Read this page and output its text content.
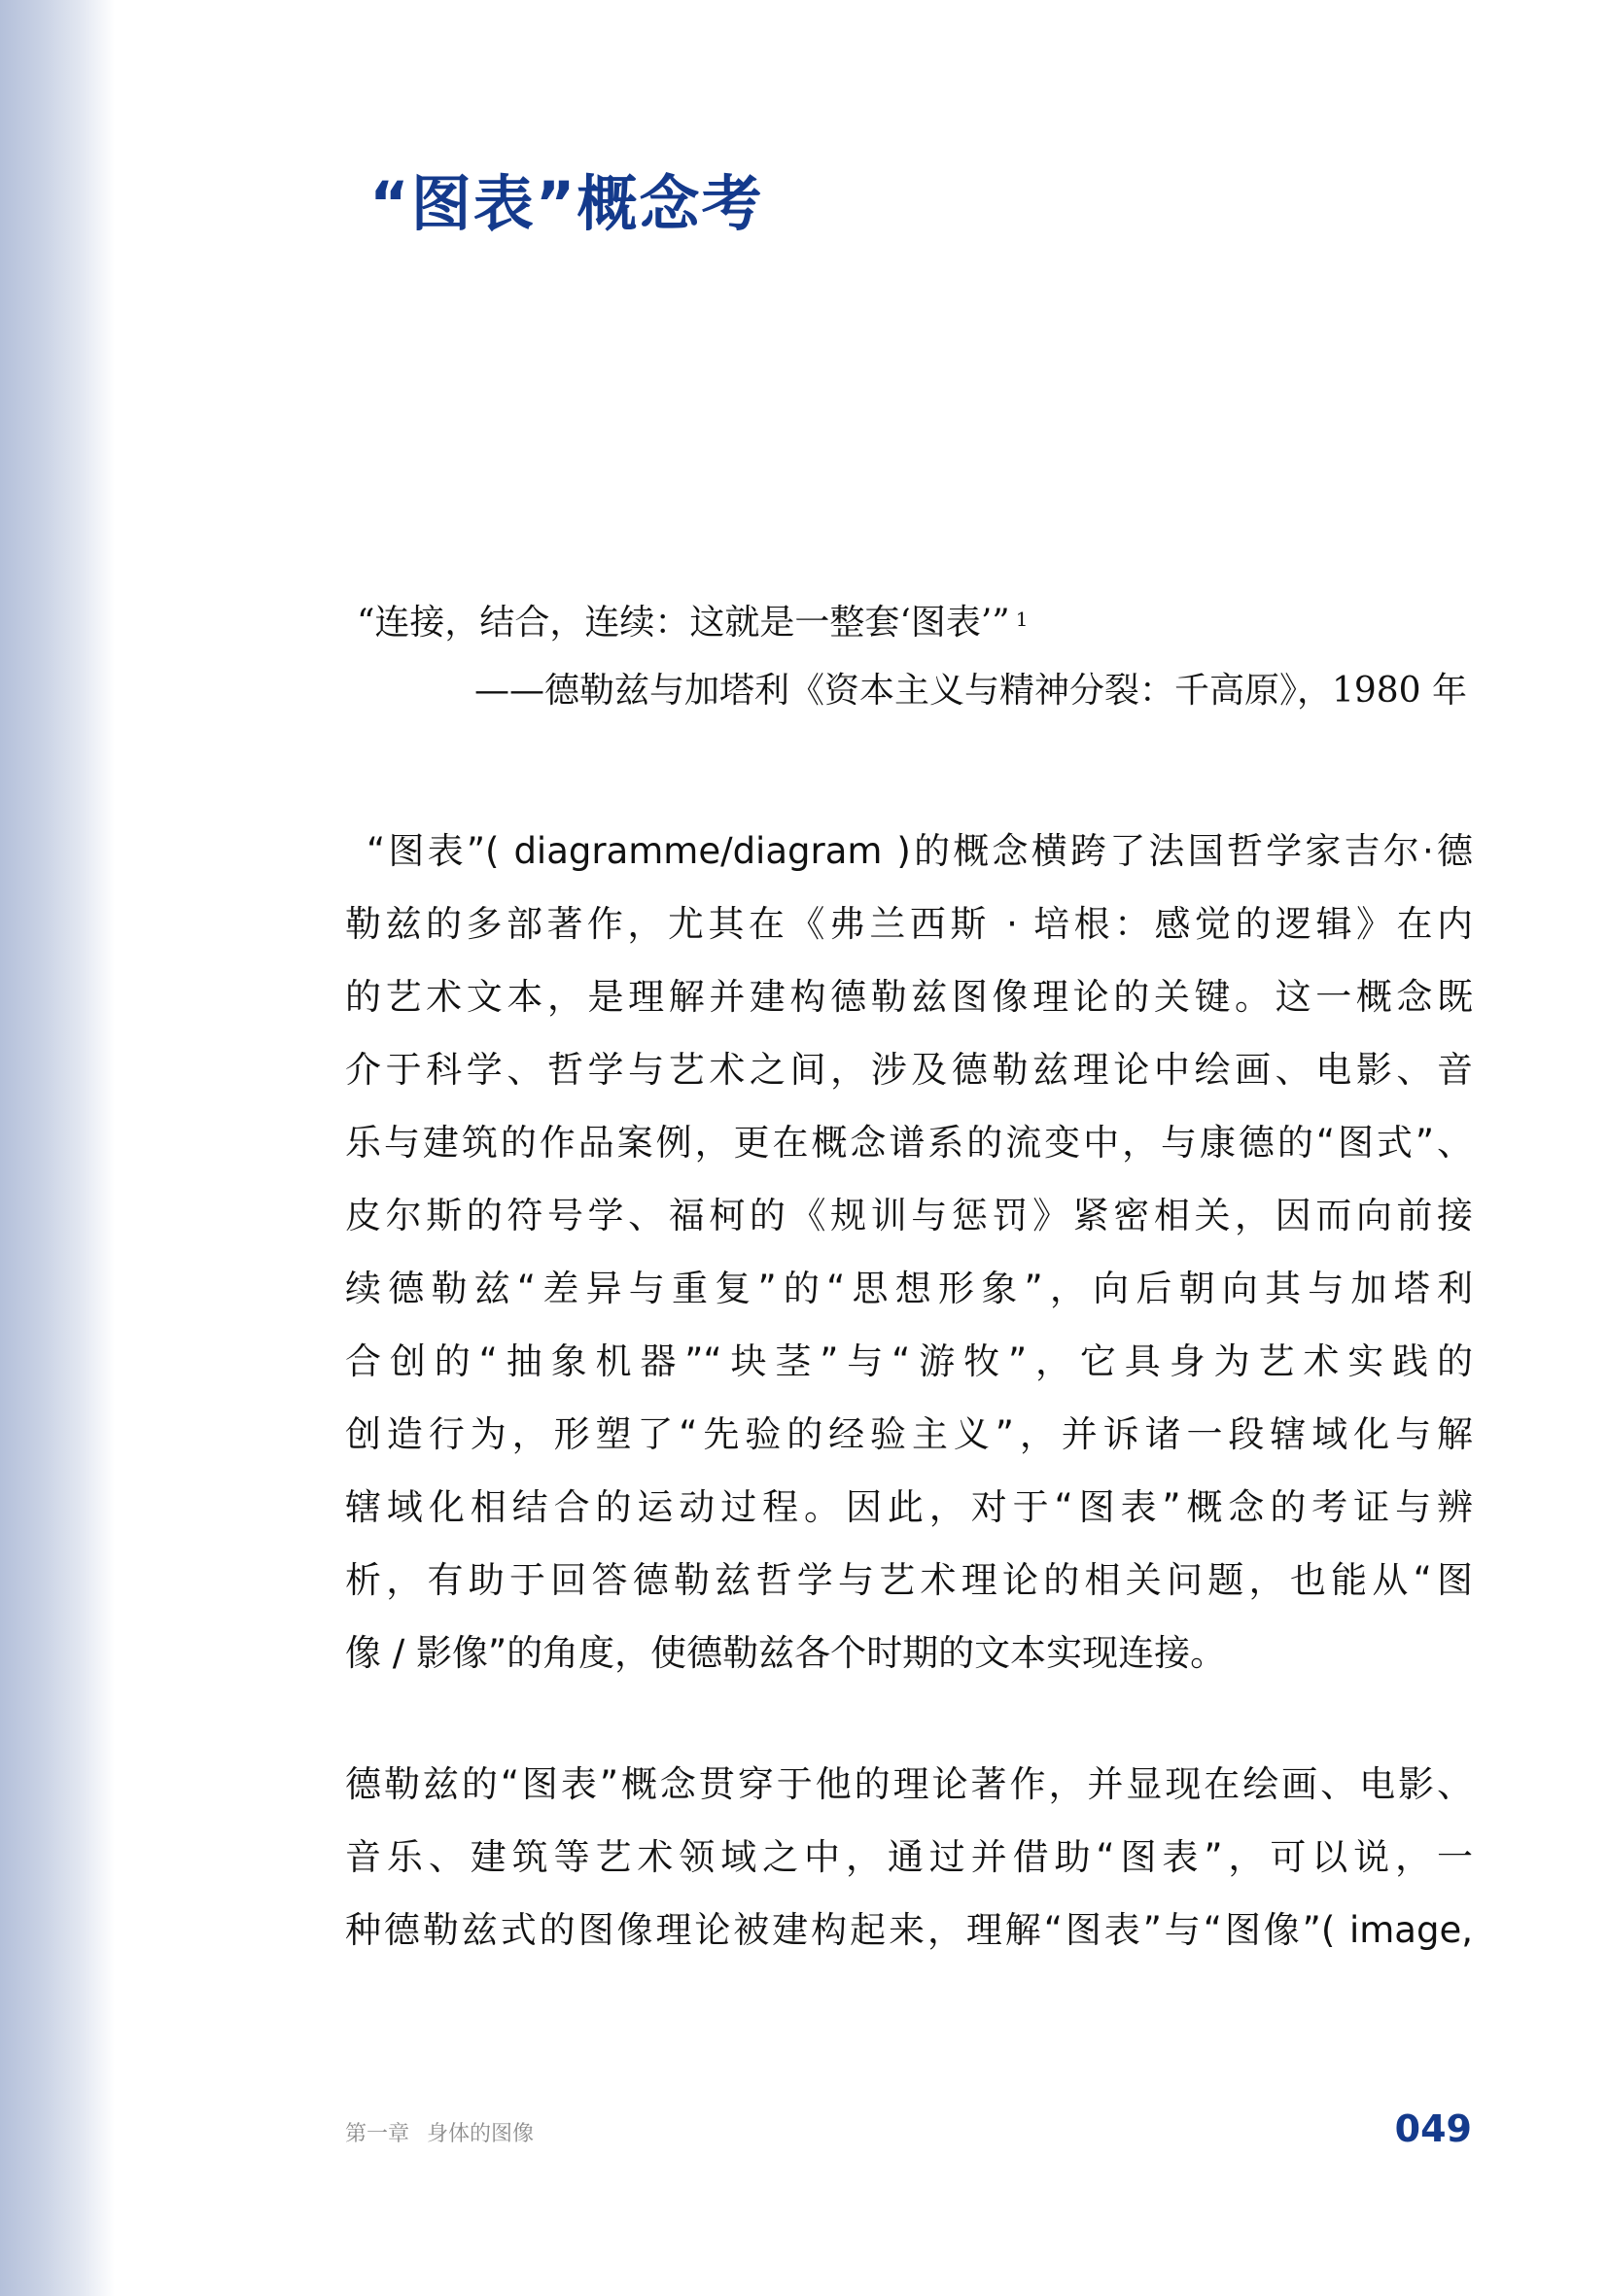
“图表”概念考
“连接，结合，连续：这就是一整套‘图表’” $^1$
——德勒兹与加塔利《资本主义与精神分裂：千高原》，1980 年
“图表”( diagramme/diagram )的概念横跨了法国哲学家吉尔·德
勒兹的多部著作，尤其在《弗兰西斯 · 培根：感觉的逻辑》在内
的艺术文本，是理解并建构德勒兹图像理论的关键。这一概念既
介于科学、哲学与艺术之间，涉及德勒兹理论中绘画、电影、音
乐与建筑的作品案例，更在概念谱系的流变中，与康德的“图式”、
皮尔斯的符号学、福柯的《规训与惩罚》紧密相关，因而向前接
续德勒兹“差异与重复”的“思想形象”，向后朝向其与加塔利
合创的“抽象机器”“块茎”与“游牧”，它具身为艺术实践的
创造行为，形塑了“先验的经验主义”，并诉诸一段辖域化与解
辖域化相结合的运动过程。因此，对于“图表”概念的考证与辨
析，有助于回答德勒兹哲学与艺术理论的相关问题，也能从“图
像 / 影像”的角度，使德勒兹各个时期的文本实现连接。
德勒兹的“图表”概念贯穿于他的理论著作，并显现在绘画、电影、
音乐、建筑等艺术领域之中，通过并借助“图表”，可以说，一
种德勒兹式的图像理论被建构起来，理解“图表”与“图像”( image,
第一章 身体的图像	049
